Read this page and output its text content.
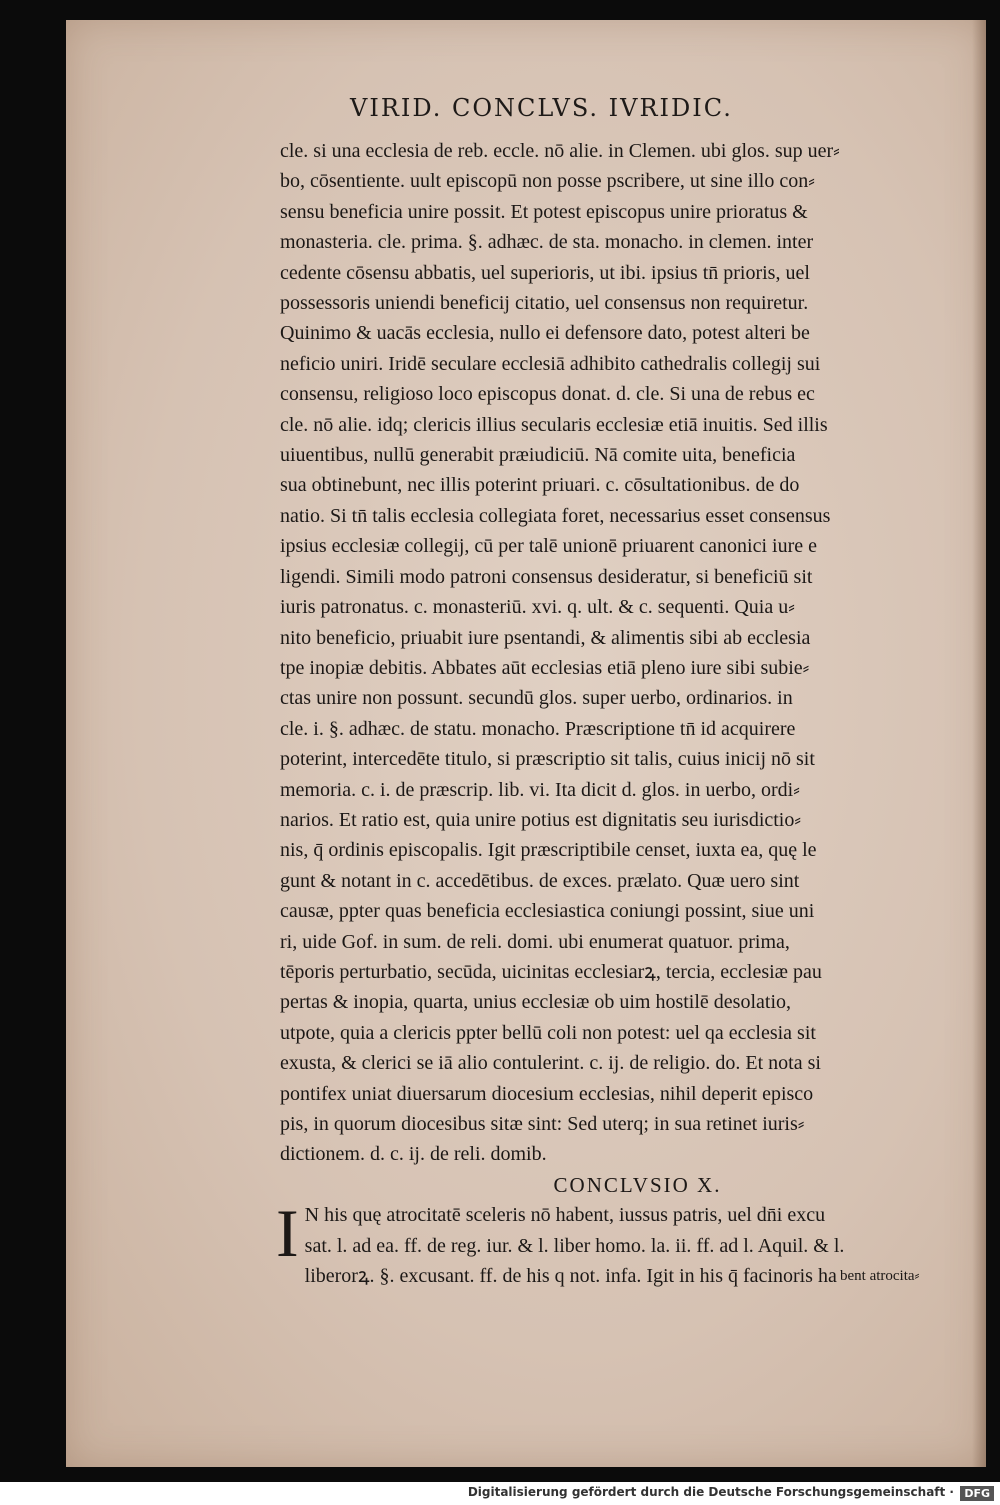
VIRID. CONCLVS. IVRIDIC.
cle. si una ecclesia de reb. eccle. nō alie. in Clemen. ubi glos. sup uer⸗
bo, cōsentiente. uult episcopū non posse pscribere, ut sine illo con⸗
sensu beneficia unire possit. Et potest episcopus unire prioratus &
monasteria. cle. prima. §. adhæc. de sta. monacho. in clemen. inter
cedente cōsensu abbatis, uel superioris, ut ibi. ipsius tn̄ prioris, uel
possessoris uniendi beneficij citatio, uel consensus non requiretur.
Quinimo & uacās ecclesia, nullo ei defensore dato, potest alteri be
neficio uniri. Iridē seculare ecclesiā adhibito cathedralis collegij sui
consensu, religioso loco episcopus donat. d. cle. Si una de rebus ec
cle. nō alie. idq; clericis illius secularis ecclesiæ etiā inuitis. Sed illis
uiuentibus, nullū generabit præiudiciū. Nā comite uita, beneficia
sua obtinebunt, nec illis poterint priuari. c. cōsultationibus. de do
natio. Si tn̄ talis ecclesia collegiata foret, necessarius esset consensus
ipsius ecclesiæ collegij, cū per talē unionē priuarent canonici iure e
ligendi. Simili modo patroni consensus desideratur, si beneficiū sit
iuris patronatus. c. monasteriū. xvi. q. ult. & c. sequenti. Quia u⸗
nito beneficio, priuabit iure psentandi, & alimentis sibi ab ecclesia
tpe inopiæ debitis. Abbates aūt ecclesias etiā pleno iure sibi subie⸗
ctas unire non possunt. secundū glos. super uerbo, ordinarios. in
cle. i. §. adhæc. de statu. monacho. Præscriptione tn̄ id acquirere
poterint, intercedēte titulo, si præscriptio sit talis, cuius inicij nō sit
memoria. c. i. de præscrip. lib. vi. Ita dicit d. glos. in uerbo, ordi⸗
narios. Et ratio est, quia unire potius est dignitatis seu iurisdictio⸗
nis, q̄ ordinis episcopalis. Igit præscriptibile censet, iuxta ea, quę le
gunt & notant in c. accedētibus. de exces. prælato. Quæ uero sint
causæ, ppter quas beneficia ecclesiastica coniungi possint, siue uni
ri, uide Gof. in sum. de reli. domi. ubi enumerat quatuor. prima,
tēporis perturbatio, secūda, uicinitas ecclesiarꝝ, tercia, ecclesiæ pau
pertas & inopia, quarta, unius ecclesiæ ob uim hostilē desolatio,
utpote, quia a clericis ppter bellū coli non potest: uel qa ecclesia sit
exusta, & clerici se iā alio contulerint. c. ij. de religio. do. Et nota si
pontifex uniat diuersarum diocesium ecclesias, nihil deperit episco
pis, in quorum diocesibus sitæ sint: Sed uterq; in sua retinet iuris⸗
dictionem. d. c. ij. de reli. domib.
CONCLVSIO X.
I N his quę atrocitatē sceleris nō habent, iussus patris, uel dn̄i excu
sat. l. ad ea. ff. de reg. iur. & l. liber homo. la. ii. ff. ad l. Aquil. & l.
liberorꝝ. §. excusant. ff. de his q not. infa. Igit in his q̄ facinoris ha bent atrocita⸗
Digitalisierung gefördert durch die Deutsche Forschungsgemeinschaft · DFG
